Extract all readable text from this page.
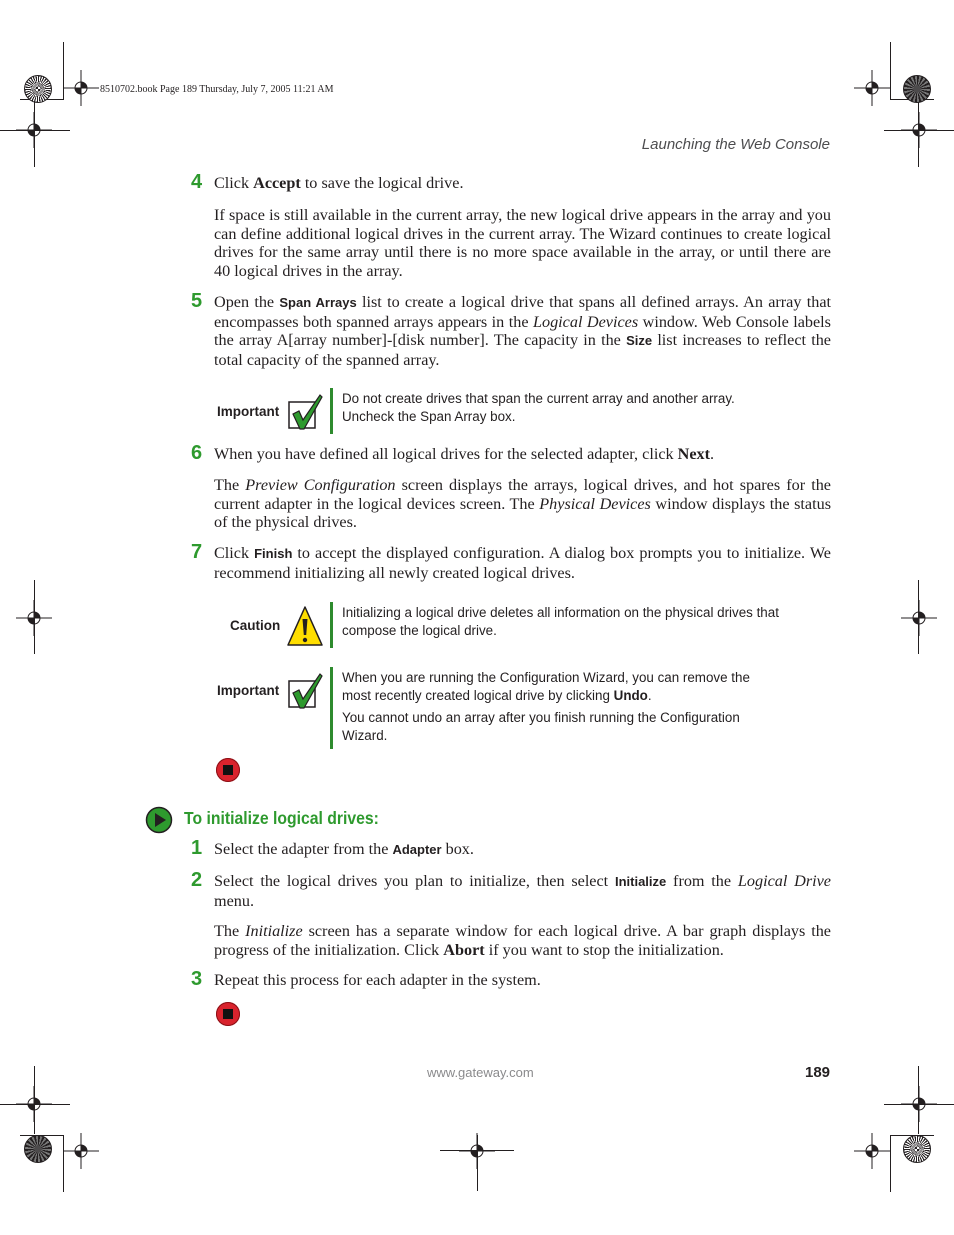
8510702.book Page 189 Thursday, July 7, 2005 11:21 AM
Launching the Web Console
4 Click Accept to save the logical drive.
If space is still available in the current array, the new logical drive appears in the array and you can define additional logical drives in the current array. The Wizard continues to create logical drives for the same array until there is no more space available in the array, or until there are 40 logical drives in the array.
5 Open the Span Arrays list to create a logical drive that spans all defined arrays. An array that encompasses both spanned arrays appears in the Logical Devices window. Web Console labels the array A[array number]-[disk number]. The capacity in the Size list increases to reflect the total capacity of the spanned array.
Important
Do not create drives that span the current array and another array. Uncheck the Span Array box.
6 When you have defined all logical drives for the selected adapter, click Next.
The Preview Configuration screen displays the arrays, logical drives, and hot spares for the current adapter in the logical devices screen. The Physical Devices window displays the status of the physical drives.
7 Click Finish to accept the displayed configuration. A dialog box prompts you to initialize. We recommend initializing all newly created logical drives.
Caution
Initializing a logical drive deletes all information on the physical drives that compose the logical drive.
Important
When you are running the Configuration Wizard, you can remove the most recently created logical drive by clicking Undo.
You cannot undo an array after you finish running the Configuration Wizard.
To initialize logical drives:
1 Select the adapter from the Adapter box.
2 Select the logical drives you plan to initialize, then select Initialize from the Logical Drive menu.
The Initialize screen has a separate window for each logical drive. A bar graph displays the progress of the initialization. Click Abort if you want to stop the initialization.
3 Repeat this process for each adapter in the system.
www.gateway.com	189
